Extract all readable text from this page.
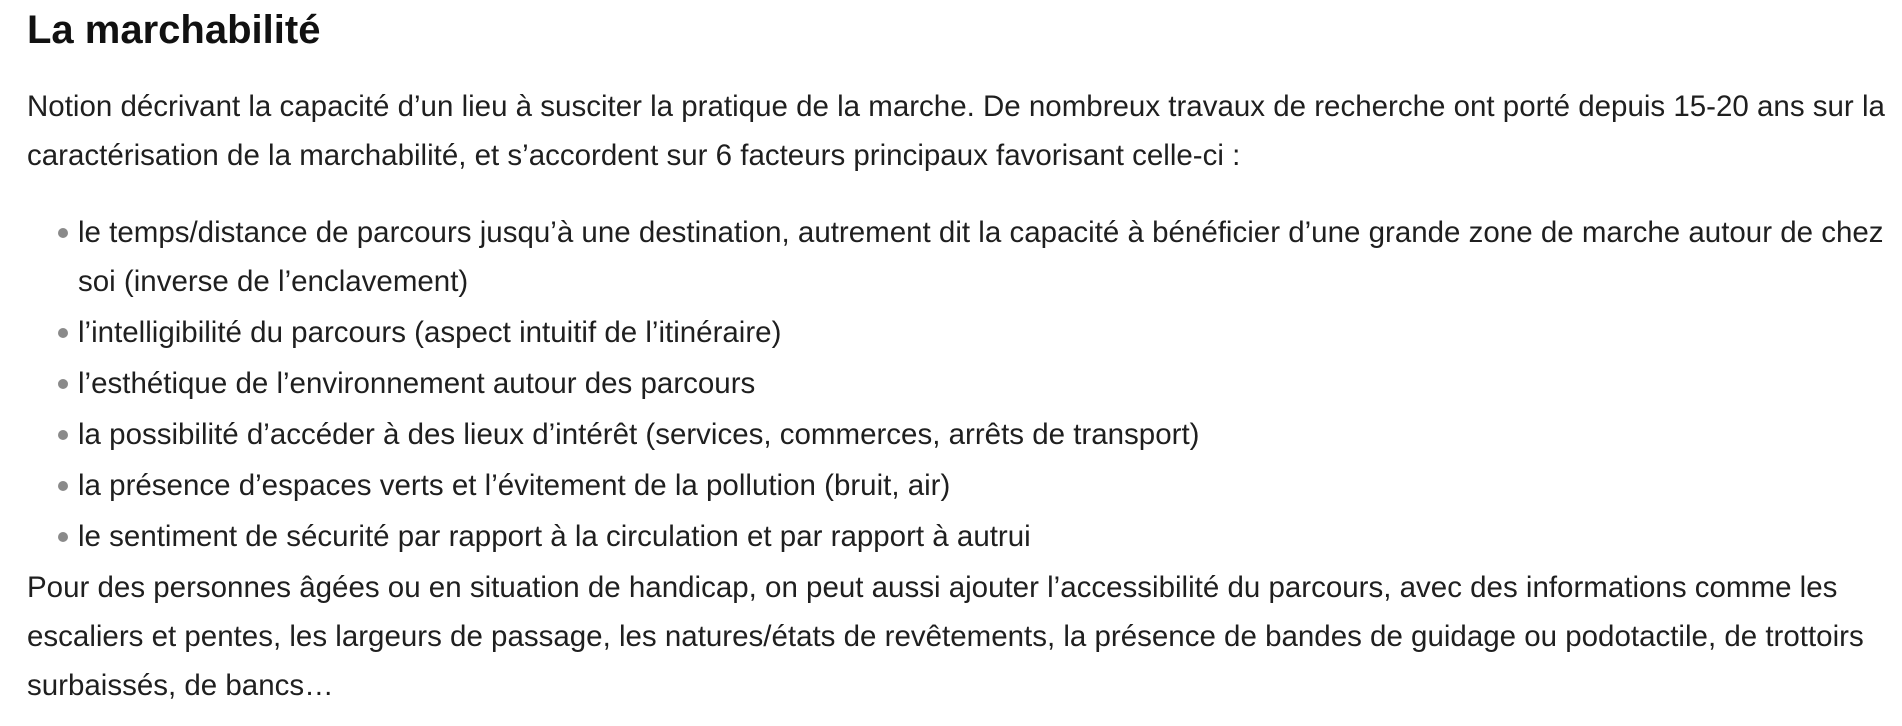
La marchabilité

Notion décrivant la capacité d’un lieu à susciter la pratique de la marche. De nombreux travaux de recherche ont porté depuis 15-20 ans sur la caractérisation de la marchabilité, et s’accordent sur 6 facteurs principaux favorisant celle-ci :

le temps/distance de parcours jusqu’à une destination, autrement dit la capacité à bénéficier d’une grande zone de marche autour de chez soi (inverse de l’enclavement)
l’intelligibilité du parcours (aspect intuitif de l’itinéraire)
l’esthétique de l’environnement autour des parcours
la possibilité d’accéder à des lieux d’intérêt (services, commerces, arrêts de transport)
la présence d’espaces verts et l’évitement de la pollution (bruit, air)
le sentiment de sécurité par rapport à la circulation et par rapport à autrui

Pour des personnes âgées ou en situation de handicap, on peut aussi ajouter l’accessibilité du parcours, avec des informations comme les escaliers et pentes, les largeurs de passage, les natures/états de revêtements, la présence de bandes de guidage ou podotactile, de trottoirs surbaissés, de bancs…
